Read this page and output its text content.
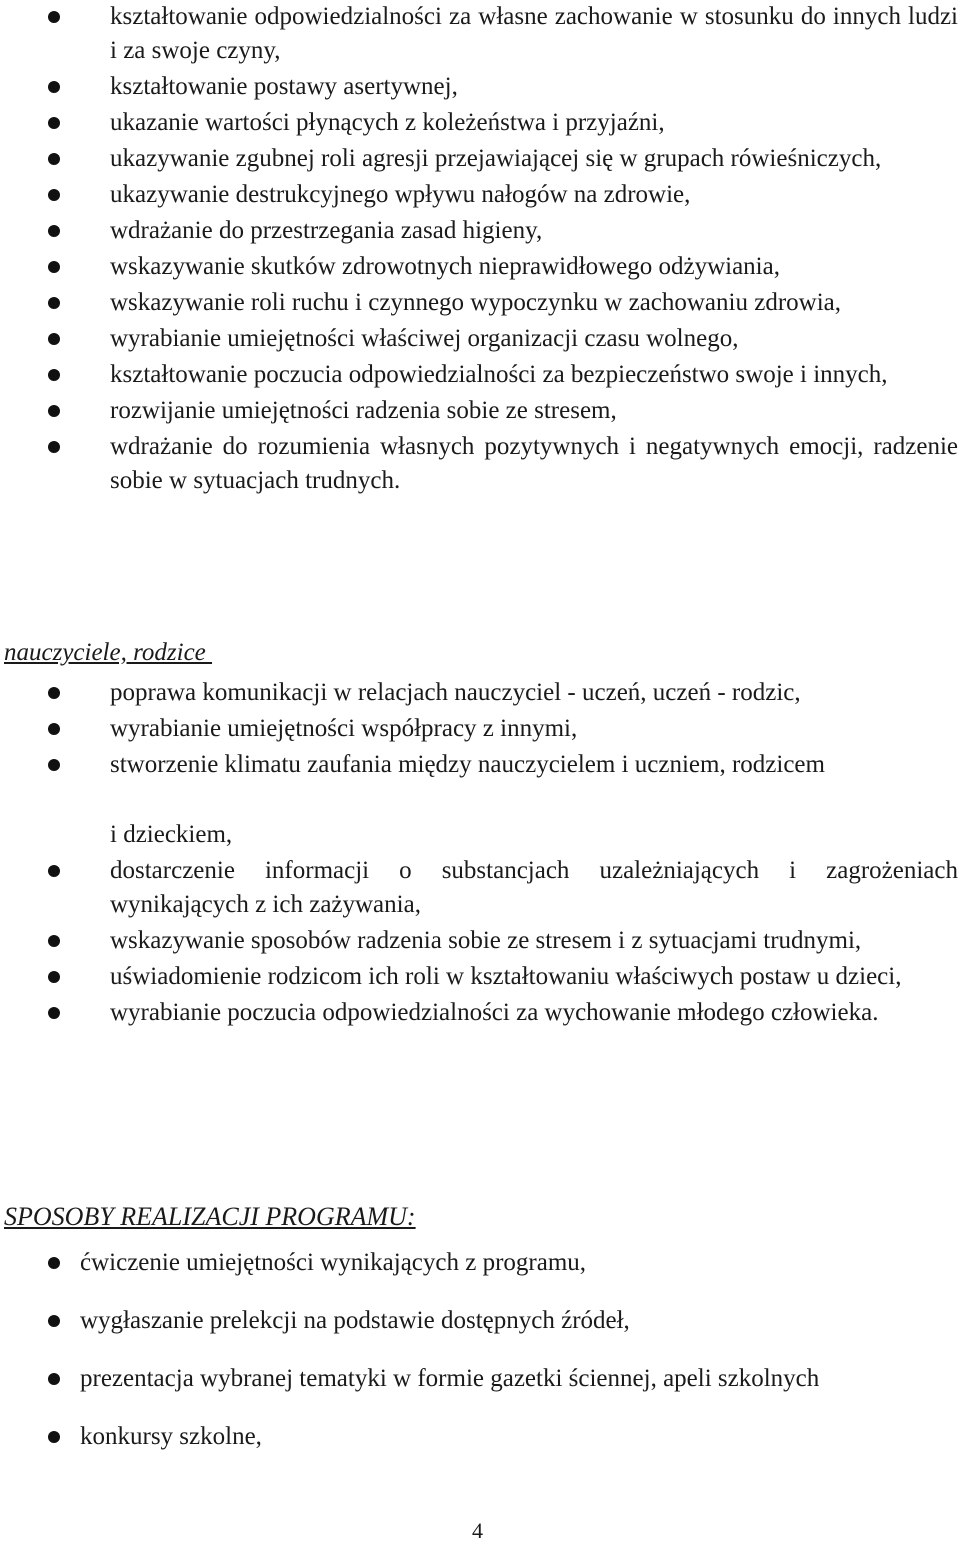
kształtowanie odpowiedzialności za własne zachowanie w stosunku do innych ludzi i za swoje czyny,
kształtowanie postawy asertywnej,
ukazanie wartości płynących z koleżeństwa i przyjaźni,
ukazywanie zgubnej roli agresji przejawiającej się w grupach rówieśniczych,
ukazywanie destrukcyjnego wpływu nałogów na zdrowie,
wdrażanie do przestrzegania zasad higieny,
wskazywanie skutków zdrowotnych nieprawidłowego odżywiania,
wskazywanie roli ruchu i czynnego wypoczynku w zachowaniu zdrowia,
wyrabianie umiejętności właściwej organizacji czasu wolnego,
kształtowanie poczucia odpowiedzialności za bezpieczeństwo swoje i innych,
rozwijanie umiejętności radzenia sobie ze stresem,
wdrażanie do rozumienia własnych pozytywnych i negatywnych emocji, radzenie sobie w sytuacjach trudnych.
nauczyciele, rodzice
poprawa komunikacji w relacjach nauczyciel - uczeń, uczeń - rodzic,
wyrabianie umiejętności współpracy z innymi,
stworzenie klimatu zaufania między nauczycielem i uczniem, rodzicem
i dzieckiem,
dostarczenie informacji o substancjach uzależniających i zagrożeniach wynikających z ich zażywania,
wskazywanie sposobów radzenia sobie ze stresem i z sytuacjami trudnymi,
uświadomienie rodzicom ich roli w kształtowaniu właściwych postaw u dzieci,
wyrabianie poczucia odpowiedzialności za wychowanie młodego człowieka.
SPOSOBY REALIZACJI PROGRAMU:
ćwiczenie umiejętności wynikających z programu,
wygłaszanie prelekcji na podstawie dostępnych źródeł,
prezentacja wybranej tematyki w formie gazetki ściennej, apeli szkolnych
konkursy szkolne,
4
